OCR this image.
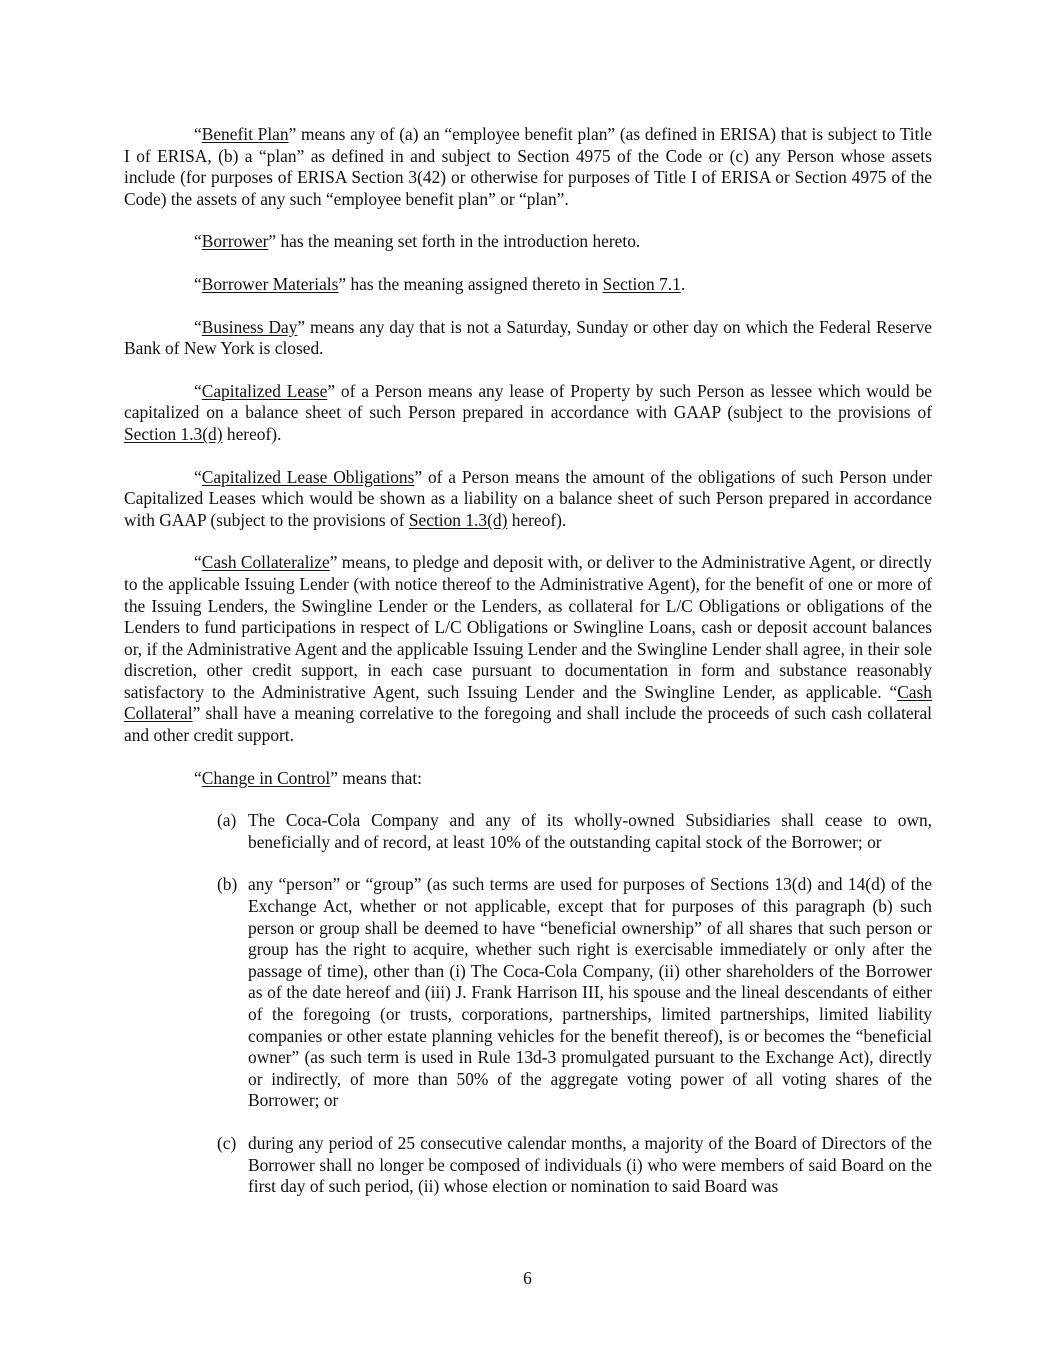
“Benefit Plan” means any of (a) an “employee benefit plan” (as defined in ERISA) that is subject to Title I of ERISA, (b) a “plan” as defined in and subject to Section 4975 of the Code or (c) any Person whose assets include (for purposes of ERISA Section 3(42) or otherwise for purposes of Title I of ERISA or Section 4975 of the Code) the assets of any such “employee benefit plan” or “plan”.

“Borrower” has the meaning set forth in the introduction hereto.

“Borrower Materials” has the meaning assigned thereto in Section 7.1.

“Business Day” means any day that is not a Saturday, Sunday or other day on which the Federal Reserve Bank of New York is closed.

“Capitalized Lease” of a Person means any lease of Property by such Person as lessee which would be capitalized on a balance sheet of such Person prepared in accordance with GAAP (subject to the provisions of Section 1.3(d) hereof).

“Capitalized Lease Obligations” of a Person means the amount of the obligations of such Person under Capitalized Leases which would be shown as a liability on a balance sheet of such Person prepared in accordance with GAAP (subject to the provisions of Section 1.3(d) hereof).

“Cash Collateralize” means, to pledge and deposit with, or deliver to the Administrative Agent, or directly to the applicable Issuing Lender (with notice thereof to the Administrative Agent), for the benefit of one or more of the Issuing Lenders, the Swingline Lender or the Lenders, as collateral for L/C Obligations or obligations of the Lenders to fund participations in respect of L/C Obligations or Swingline Loans, cash or deposit account balances or, if the Administrative Agent and the applicable Issuing Lender and the Swingline Lender shall agree, in their sole discretion, other credit support, in each case pursuant to documentation in form and substance reasonably satisfactory to the Administrative Agent, such Issuing Lender and the Swingline Lender, as applicable. “Cash Collateral” shall have a meaning correlative to the foregoing and shall include the proceeds of such cash collateral and other credit support.

“Change in Control” means that:

(a) The Coca-Cola Company and any of its wholly-owned Subsidiaries shall cease to own, beneficially and of record, at least 10% of the outstanding capital stock of the Borrower; or
(b) any “person” or “group” (as such terms are used for purposes of Sections 13(d) and 14(d) of the Exchange Act, whether or not applicable, except that for purposes of this paragraph (b) such person or group shall be deemed to have “beneficial ownership” of all shares that such person or group has the right to acquire, whether such right is exercisable immediately or only after the passage of time), other than (i) The Coca-Cola Company, (ii) other shareholders of the Borrower as of the date hereof and (iii) J. Frank Harrison III, his spouse and the lineal descendants of either of the foregoing (or trusts, corporations, partnerships, limited partnerships, limited liability companies or other estate planning vehicles for the benefit thereof), is or becomes the “beneficial owner” (as such term is used in Rule 13d-3 promulgated pursuant to the Exchange Act), directly or indirectly, of more than 50% of the aggregate voting power of all voting shares of the Borrower; or
(c) during any period of 25 consecutive calendar months, a majority of the Board of Directors of the Borrower shall no longer be composed of individuals (i) who were members of said Board on the first day of such period, (ii) whose election or nomination to said Board was
6
